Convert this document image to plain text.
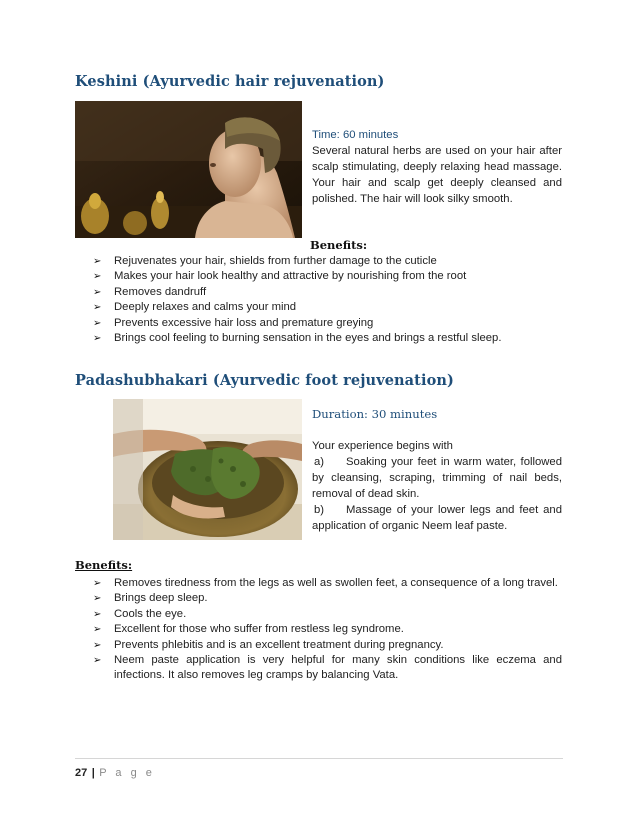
Keshini (Ayurvedic hair rejuvenation)
Time: 60 minutes
Several natural herbs are used on your hair after scalp stimulating, deeply relaxing head massage. Your hair and scalp get deeply cleansed and polished. The hair will look silky smooth.
Benefits:
➢ Rejuvenates your hair, shields from further damage to the cuticle
➢ Makes your hair look healthy and attractive by nourishing from the root
➢ Removes dandruff
➢ Deeply relaxes and calms your mind
➢ Prevents excessive hair loss and premature greying
➢ Brings cool feeling to burning sensation in the eyes and brings a restful sleep.
Padashubhakari (Ayurvedic foot rejuvenation)
Duration: 30 minutes
Your experience begins with
a) Soaking your feet in warm water, followed by cleansing, scraping, trimming of nail beds, removal of dead skin.
b) Massage of your lower legs and feet and application of organic Neem leaf paste.
Benefits:
➢ Removes tiredness from the legs as well as swollen feet, a consequence of a long travel.
➢ Brings deep sleep.
➢ Cools the eye.
➢ Excellent for those who suffer from restless leg syndrome.
➢ Prevents phlebitis and is an excellent treatment during pregnancy.
➢ Neem paste application is very helpful for many skin conditions like eczema and infections. It also removes leg cramps by balancing Vata.
27 | P a g e
